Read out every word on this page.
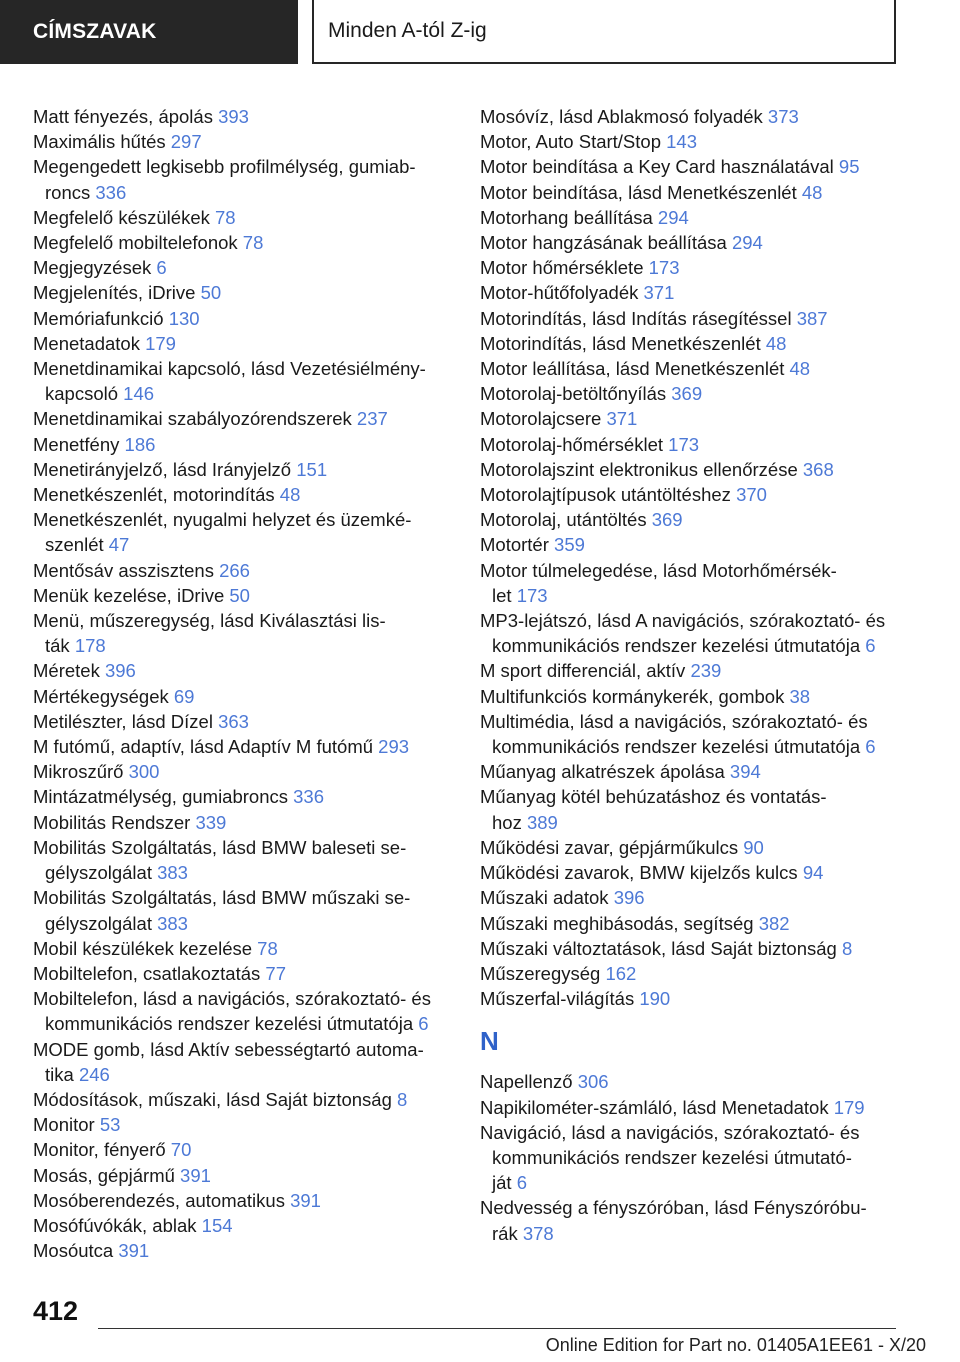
CÍMSZAVAK	Minden A-tól Z-ig

Matt fényezés, ápolás 393

Maximális hűtés 297

Megengedett legkisebb profilmélység, gumiab-
roncs 336

Megfelelő készülékek 78

Megfelelő mobiltelefonok 78

Megjegyzések 6

Megjelenítés, iDrive 50

Memóriafunkció 130

Menetadatok 179

Menetdinamikai kapcsoló, lásd Vezetésiélmény-
kapcsoló 146

Menetdinamikai szabályozórendszerek 237

Menetfény 186

Menetirányjelző, lásd Irányjelző 151

Menetkészenlét, motorindítás 48

Menetkészenlét, nyugalmi helyzet és üzemké-
szenlét 47

Mentősáv asszisztens 266

Menük kezelése, iDrive 50

Menü, műszeregység, lásd Kiválasztási lis-
ták 178

Méretek 396

Mértékegységek 69

Metilészter, lásd Dízel 363

M futómű, adaptív, lásd Adaptív M futómű 293

Mikroszűrő 300

Mintázatmélység, gumiabroncs 336

Mobilitás Rendszer 339

Mobilitás Szolgáltatás, lásd BMW baleseti se-
gélyszolgálat 383

Mobilitás Szolgáltatás, lásd BMW műszaki se-
gélyszolgálat 383

Mobil készülékek kezelése 78

Mobiltelefon, csatlakoztatás 77

Mobiltelefon, lásd a navigációs, szórakoztató- és
kommunikációs rendszer kezelési útmutatója 6

MODE gomb, lásd Aktív sebességtartó automa-
tika 246

Módosítások, műszaki, lásd Saját biztonság 8

Monitor 53

Monitor, fényerő 70

Mosás, gépjármű 391

Mosóberendezés, automatikus 391

Mosófúvókák, ablak 154

Mosóutca 391

Mosóvíz, lásd Ablakmosó folyadék 373

Motor, Auto Start/Stop 143

Motor beindítása a Key Card használatával 95

Motor beindítása, lásd Menetkészenlét 48

Motorhang beállítása 294

Motor hangzásának beállítása 294

Motor hőmérséklete 173

Motor-hűtőfolyadék 371

Motorindítás, lásd Indítás rásegítéssel 387

Motorindítás, lásd Menetkészenlét 48

Motor leállítása, lásd Menetkészenlét 48

Motorolaj-betöltőnyílás 369

Motorolajcsere 371

Motorolaj-hőmérséklet 173

Motorolajszint elektronikus ellenőrzése 368

Motorolajtípusok utántöltéshez 370

Motorolaj, utántöltés 369

Motortér 359

Motor túlmelegedése, lásd Motorhőmérsék-
let 173

MP3-lejátszó, lásd A navigációs, szórakoztató- és
kommunikációs rendszer kezelési útmutatója 6

M sport differenciál, aktív 239

Multifunkciós kormánykerék, gombok 38

Multimédia, lásd a navigációs, szórakoztató- és
kommunikációs rendszer kezelési útmutatója 6

Műanyag alkatrészek ápolása 394

Műanyag kötél behúzatáshoz és vontatás-
hoz 389

Működési zavar, gépjárműkulcs 90

Működési zavarok, BMW kijelzős kulcs 94

Műszaki adatok 396

Műszaki meghibásodás, segítség 382

Műszaki változtatások, lásd Saját biztonság 8

Műszeregység 162

Műszerfal-világítás 190

N

Napellenző 306

Napikilométer-számláló, lásd Menetadatok 179

Navigáció, lásd a navigációs, szórakoztató- és
kommunikációs rendszer kezelési útmutató-
ját 6

Nedvesség a fényszóróban, lásd Fényszóróbu-
rák 378

412
Online Edition for Part no. 01405A1EE61 - X/20
